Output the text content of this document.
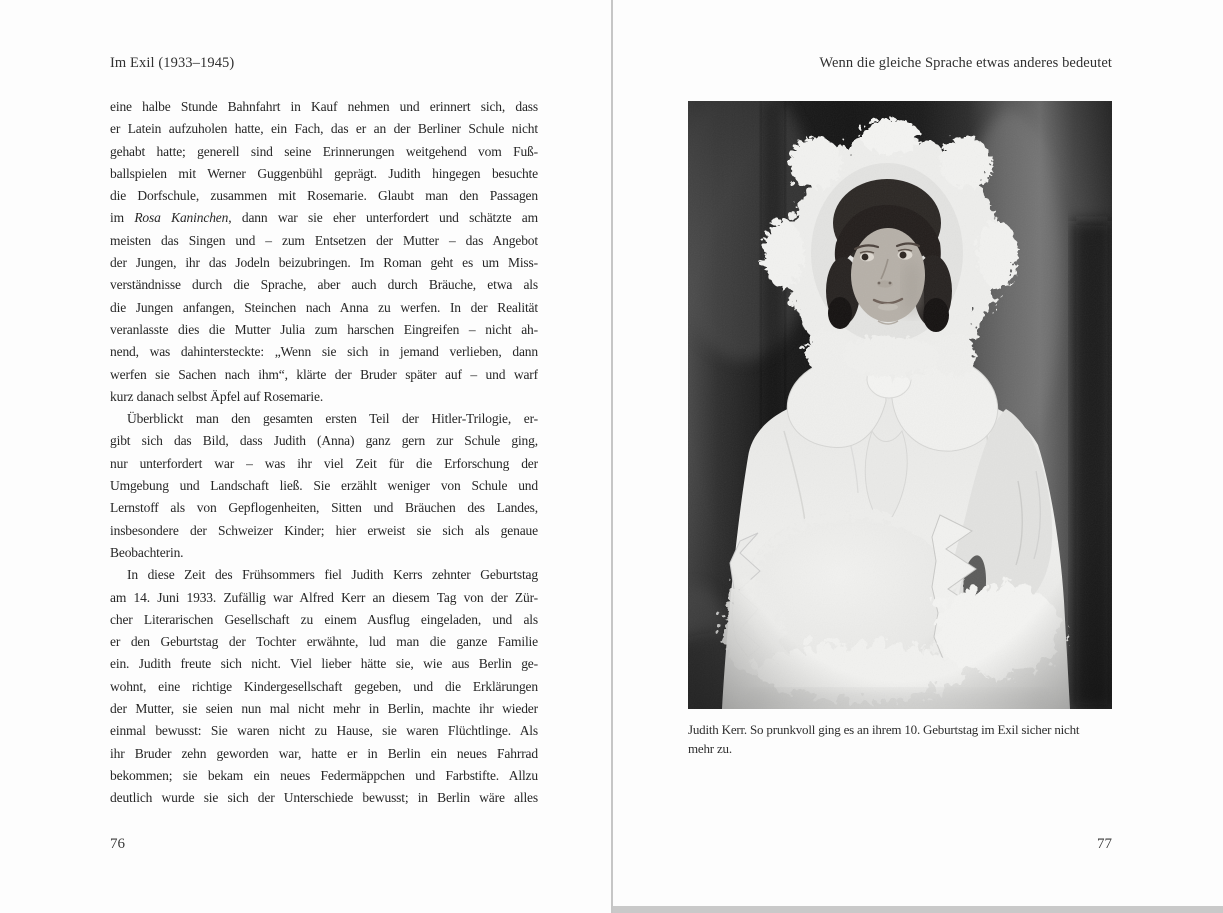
Im Exil (1933–1945)
eine halbe Stunde Bahnfahrt in Kauf nehmen und erinnert sich, dass
er Latein aufzuholen hatte, ein Fach, das er an der Berliner Schule nicht
gehabt hatte; generell sind seine Erinnerungen weitgehend vom Fuß-
ballspielen mit Werner Guggenbühl geprägt. Judith hingegen besuchte
die Dorfschule, zusammen mit Rosemarie. Glaubt man den Passagen
im Rosa Kaninchen, dann war sie eher unterfordert und schätzte am
meisten das Singen und – zum Entsetzen der Mutter – das Angebot
der Jungen, ihr das Jodeln beizubringen. Im Roman geht es um Miss-
verständnisse durch die Sprache, aber auch durch Bräuche, etwa als
die Jungen anfangen, Steinchen nach Anna zu werfen. In der Realität
veranlasste dies die Mutter Julia zum harschen Eingreifen – nicht ah-
nend, was dahintersteckte: „Wenn sie sich in jemand verlieben, dann
werfen sie Sachen nach ihm“, klärte der Bruder später auf – und warf
kurz danach selbst Äpfel auf Rosemarie.
Überblickt man den gesamten ersten Teil der Hitler-Trilogie, er-
gibt sich das Bild, dass Judith (Anna) ganz gern zur Schule ging,
nur unterfordert war – was ihr viel Zeit für die Erforschung der
Umgebung und Landschaft ließ. Sie erzählt weniger von Schule und
Lernstoff als von Gepflogenheiten, Sitten und Bräuchen des Landes,
insbesondere der Schweizer Kinder; hier erweist sie sich als genaue
Beobachterin.
In diese Zeit des Frühsommers fiel Judith Kerrs zehnter Geburtstag
am 14. Juni 1933. Zufällig war Alfred Kerr an diesem Tag von der Zür-
cher Literarischen Gesellschaft zu einem Ausflug eingeladen, und als
er den Geburtstag der Tochter erwähnte, lud man die ganze Familie
ein. Judith freute sich nicht. Viel lieber hätte sie, wie aus Berlin ge-
wohnt, eine richtige Kindergesellschaft gegeben, und die Erklärungen
der Mutter, sie seien nun mal nicht mehr in Berlin, machte ihr wieder
einmal bewusst: Sie waren nicht zu Hause, sie waren Flüchtlinge. Als
ihr Bruder zehn geworden war, hatte er in Berlin ein neues Fahrrad
bekommen; sie bekam ein neues Federmäppchen und Farbstifte. Allzu
deutlich wurde sie sich der Unterschiede bewusst; in Berlin wäre alles
76
Wenn die gleiche Sprache etwas anderes bedeutet
Judith Kerr. So prunkvoll ging es an ihrem 10. Geburtstag im Exil sicher nicht
mehr zu.
77
